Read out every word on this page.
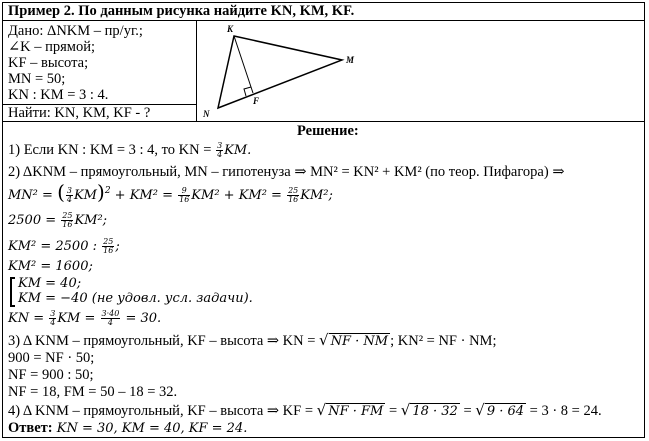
Пример 2. По данным рисунка найдите KN, KM, KF.
Дано: ΔNKM – пр/уг.;
∠K – прямой;
KF – высота;
MN = 50;
KN : KM = 3 : 4.
Найти: KN, KM, KF - ?
K
M
N
F
Решение:
1) Если KN : KM = 3 : 4, то KN = $\frac{3}{4}$ KM.
2) ΔKNM – прямоугольный, MN – гипотенуза ⇒ MN² = KN² + KM² (по теор. Пифагора) ⇒
MN² = ( $\frac{3}{4} KM)^2 + KM^2 = \frac{9}{16} KM^2 + KM^2 = \frac{25}{16} KM^2$;
$2500 = \frac{25}{16} KM^2$;
KM² = 2500 : $\frac{25}{16}$ ;
KM² = 1600;
KM = 40;
KM = −40 (не удовл. усл. задачи).
KN = $\frac{3}{4}$ KM = $\frac{3\cdot 40}{4} = 30$.
3) Δ KNM – прямоугольный, KF – высота ⇒ KN = √ NF · NM ; KN² = NF · NM;
900 = NF · 50;
NF = 900 : 50;
NF = 18, FM = 50 – 18 = 32.
4) Δ KNM – прямоугольный, KF – высота ⇒ KF = √ NF · FM = √ 18 · 32 = √ 9 · 64 = 3 · 8 = 24.
Ответ: KN = 30, KM = 40, KF = 24.
